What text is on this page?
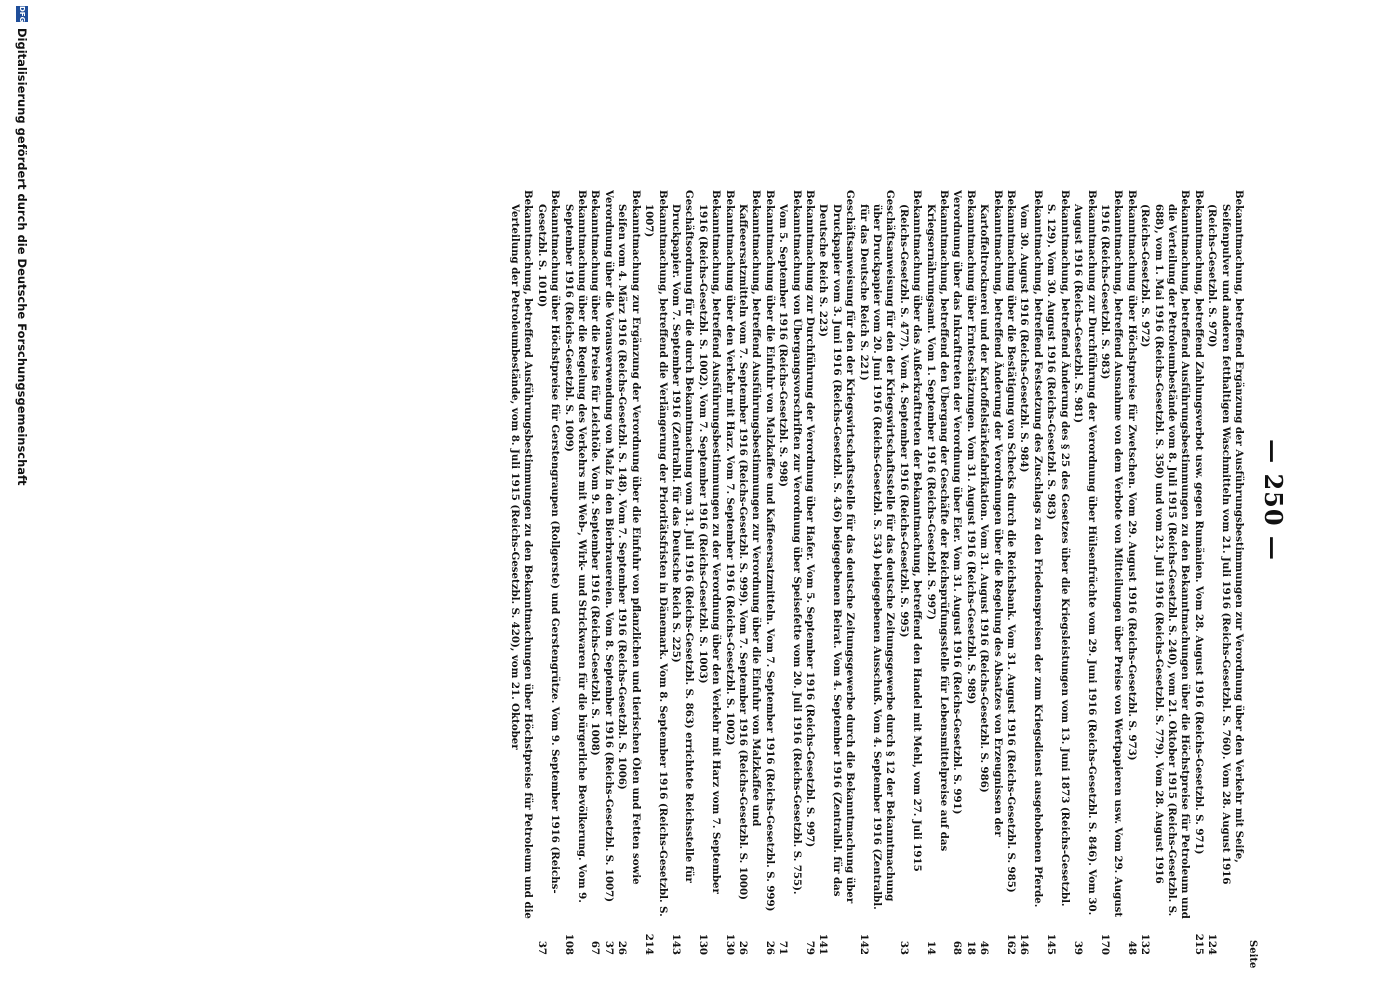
— 250 —
Seite
Bekanntmachung, betreffend Ergänzung der Ausführungsbestimmungen zur Verordnung über den Verkehr mit Seife, Seifenpulver und anderen fetthaltigen Waschmitteln vom 21. Juli 1916 (Reichs-Gesetzbl. S. 760). Vom 28. August 1916 (Reichs-Gesetzbl. S. 970)
124
Bekanntmachung, betreffend Zahlungsverbot usw. gegen Rumänien. Vom 28. August 1916 (Reichs-Gesetzbl. S. 971)
215
Bekanntmachung, betreffend Ausführungsbestimmungen zu den Bekanntmachungen über die Höchstpreise für Petroleum und die Verteilung der Petroleumbestände vom 8. Juli 1915 (Reichs-Gesetzbl. S. 240), vom 21. Oktober 1915 (Reichs-Gesetzbl. S. 688), vom 1. Mai 1916 (Reichs-Gesetzbl. S. 350) und vom 23. Juli 1916 (Reichs-Gesetzbl. S. 779). Vom 28. August 1916 (Reichs-Gesetzbl. S. 972)
132
Bekanntmachung über Höchstpreise für Zwetschen. Vom 29. August 1916 (Reichs-Gesetzbl. S. 973)
48
Bekanntmachung, betreffend Ausnahme von dem Verbote von Mitteilungen über Preise von Wertpapieren usw. Vom 29. August 1916 (Reichs-Gesetzbl. S. 983)
170
Bekanntmachung zur Durchführung der Verordnung über Hülsenfrüchte vom 29. Juni 1916 (Reichs-Gesetzbl. S. 846). Vom 30. August 1916 (Reichs-Gesetzbl. S. 981)
39
Bekanntmachung, betreffend Änderung des § 25 des Gesetzes über die Kriegsleistungen vom 13. Juni 1873 (Reichs-Gesetzbl. S. 129). Vom 30. August 1916 (Reichs-Gesetzbl. S. 983)
145
Bekanntmachung, betreffend Festsetzung des Zuschlags zu den Friedenspreisen der zum Kriegsdienst ausgehobenen Pferde. Vom 30. August 1916 (Reichs-Gesetzbl. S. 984)
146
Bekanntmachung über die Bestätigung von Schecks durch die Reichsbank. Vom 31. August 1916 (Reichs-Gesetzbl. S. 985)
162
Bekanntmachung, betreffend Änderung der Verordnungen über die Regelung des Absatzes von Erzeugnissen der Kartoffeltrocknerei und der Kartoffelstärkefabrikation. Vom 31. August 1916 (Reichs-Gesetzbl. S. 986)
46
Bekanntmachung über Ernteschätzungen. Vom 31. August 1916 (Reichs-Gesetzbl. S. 989)
18
Verordnung über das Inkrafttreten der Verordnung über Eier. Vom 31. August 1916 (Reichs-Gesetzbl. S. 991)
68
Bekanntmachung, betreffend den Übergang der Geschäfte der Reichsprüfungsstelle für Lebensmittelpreise auf das Kriegsernährungsamt. Vom 1. September 1916 (Reichs-Gesetzbl. S. 997)
14
Bekanntmachung über das Außerkrafttreten der Bekanntmachung, betreffend den Handel mit Mehl, vom 27. Juli 1915 (Reichs-Gesetzbl. S. 477). Vom 4. September 1916 (Reichs-Gesetzbl. S. 995)
33
Geschäftsanweisung für den der Kriegswirtschaftsstelle für das deutsche Zeitungsgewerbe durch § 12 der Bekanntmachung über Druckpapier vom 20. Juni 1916 (Reichs-Gesetzbl. S. 534) beigegebenen Ausschuß. Vom 4. September 1916 (Zentralbl. für das Deutsche Reich S. 221)
142
Geschäftsanweisung für den der Kriegswirtschaftsstelle für das deutsche Zeitungsgewerbe durch die Bekanntmachung über Druckpapier vom 3. Juni 1916 (Reichs-Gesetzbl. S. 436) beigegebenen Beirat. Vom 4. September 1916 (Zentralbl. für das Deutsche Reich S. 223)
141
Bekanntmachung zur Durchführung der Verordnung über Hafer. Vom 5. September 1916 (Reichs-Gesetzbl. S. 997)
79
Bekanntmachung von Übergangsvorschriften zur Verordnung über Speisefette vom 20. Juli 1916 (Reichs-Gesetzbl. S. 755). Vom 5. September 1916 (Reichs-Gesetzbl. S. 998)
71
Bekanntmachung über die Einfuhr von Malzkaffee und Kaffeeersatzmitteln. Vom 7. September 1916 (Reichs-Gesetzbl. S. 999)
26
Bekanntmachung, betreffend Ausführungsbestimmungen zur Verordnung über die Einfuhr von Malzkaffee und Kaffeeersatzmitteln vom 7. September 1916 (Reichs-Gesetzbl. S. 999). Vom 7. September 1916 (Reichs-Gesetzbl. S. 1000)
26
Bekanntmachung über den Verkehr mit Harz. Vom 7. September 1916 (Reichs-Gesetzbl. S. 1002)
130
Bekanntmachung, betreffend Ausführungsbestimmungen zu der Verordnung über den Verkehr mit Harz vom 7. September 1916 (Reichs-Gesetzbl. S. 1002). Vom 7. September 1916 (Reichs-Gesetzbl. S. 1003)
130
Geschäftsordnung für die durch Bekanntmachung vom 31. Juli 1916 (Reichs-Gesetzbl. S. 863) errichtete Reichsstelle für Druckpapier. Vom 7. September 1916 (Zentralbl. für das Deutsche Reich S. 225)
143
Bekanntmachung, betreffend die Verlängerung der Prioritätsfristen in Dänemark. Vom 8. September 1916 (Reichs-Gesetzbl. S. 1007)
214
Bekanntmachung zur Ergänzung der Verordnung über die Einfuhr von pflanzlichen und tierischen Ölen und Fetten sowie Seifen vom 4. März 1916 (Reichs-Gesetzbl. S. 148). Vom 7. September 1916 (Reichs-Gesetzbl. S. 1006)
26
Verordnung über die Vorausverwendung von Malz in den Bierbrauereien. Vom 8. September 1916 (Reichs-Gesetzbl. S. 1007)
37
Bekanntmachung über die Preise für Leichtöle. Vom 9. September 1916 (Reichs-Gesetzbl. S. 1008)
67
Bekanntmachung über die Regelung des Verkehrs mit Web-, Wirk- und Strickwaren für die bürgerliche Bevölkerung. Vom 9. September 1916 (Reichs-Gesetzbl. S. 1009)
108
Bekanntmachung über Höchstpreise für Gerstengraupen (Rollgerste) und Gerstengrütze. Vom 9. September 1916 (Reichs-Gesetzbl. S. 1010)
37
Bekanntmachung, betreffend Ausführungsbestimmungen zu den Bekanntmachungen über Höchstpreise für Petroleum und die Verteilung der Petroleumbestände, vom 8. Juli 1915 (Reichs-Gesetzbl. S. 420), vom 21. Oktober
DFG
Digitalisierung gefördert durch die Deutsche Forschungsgemeinschaft
